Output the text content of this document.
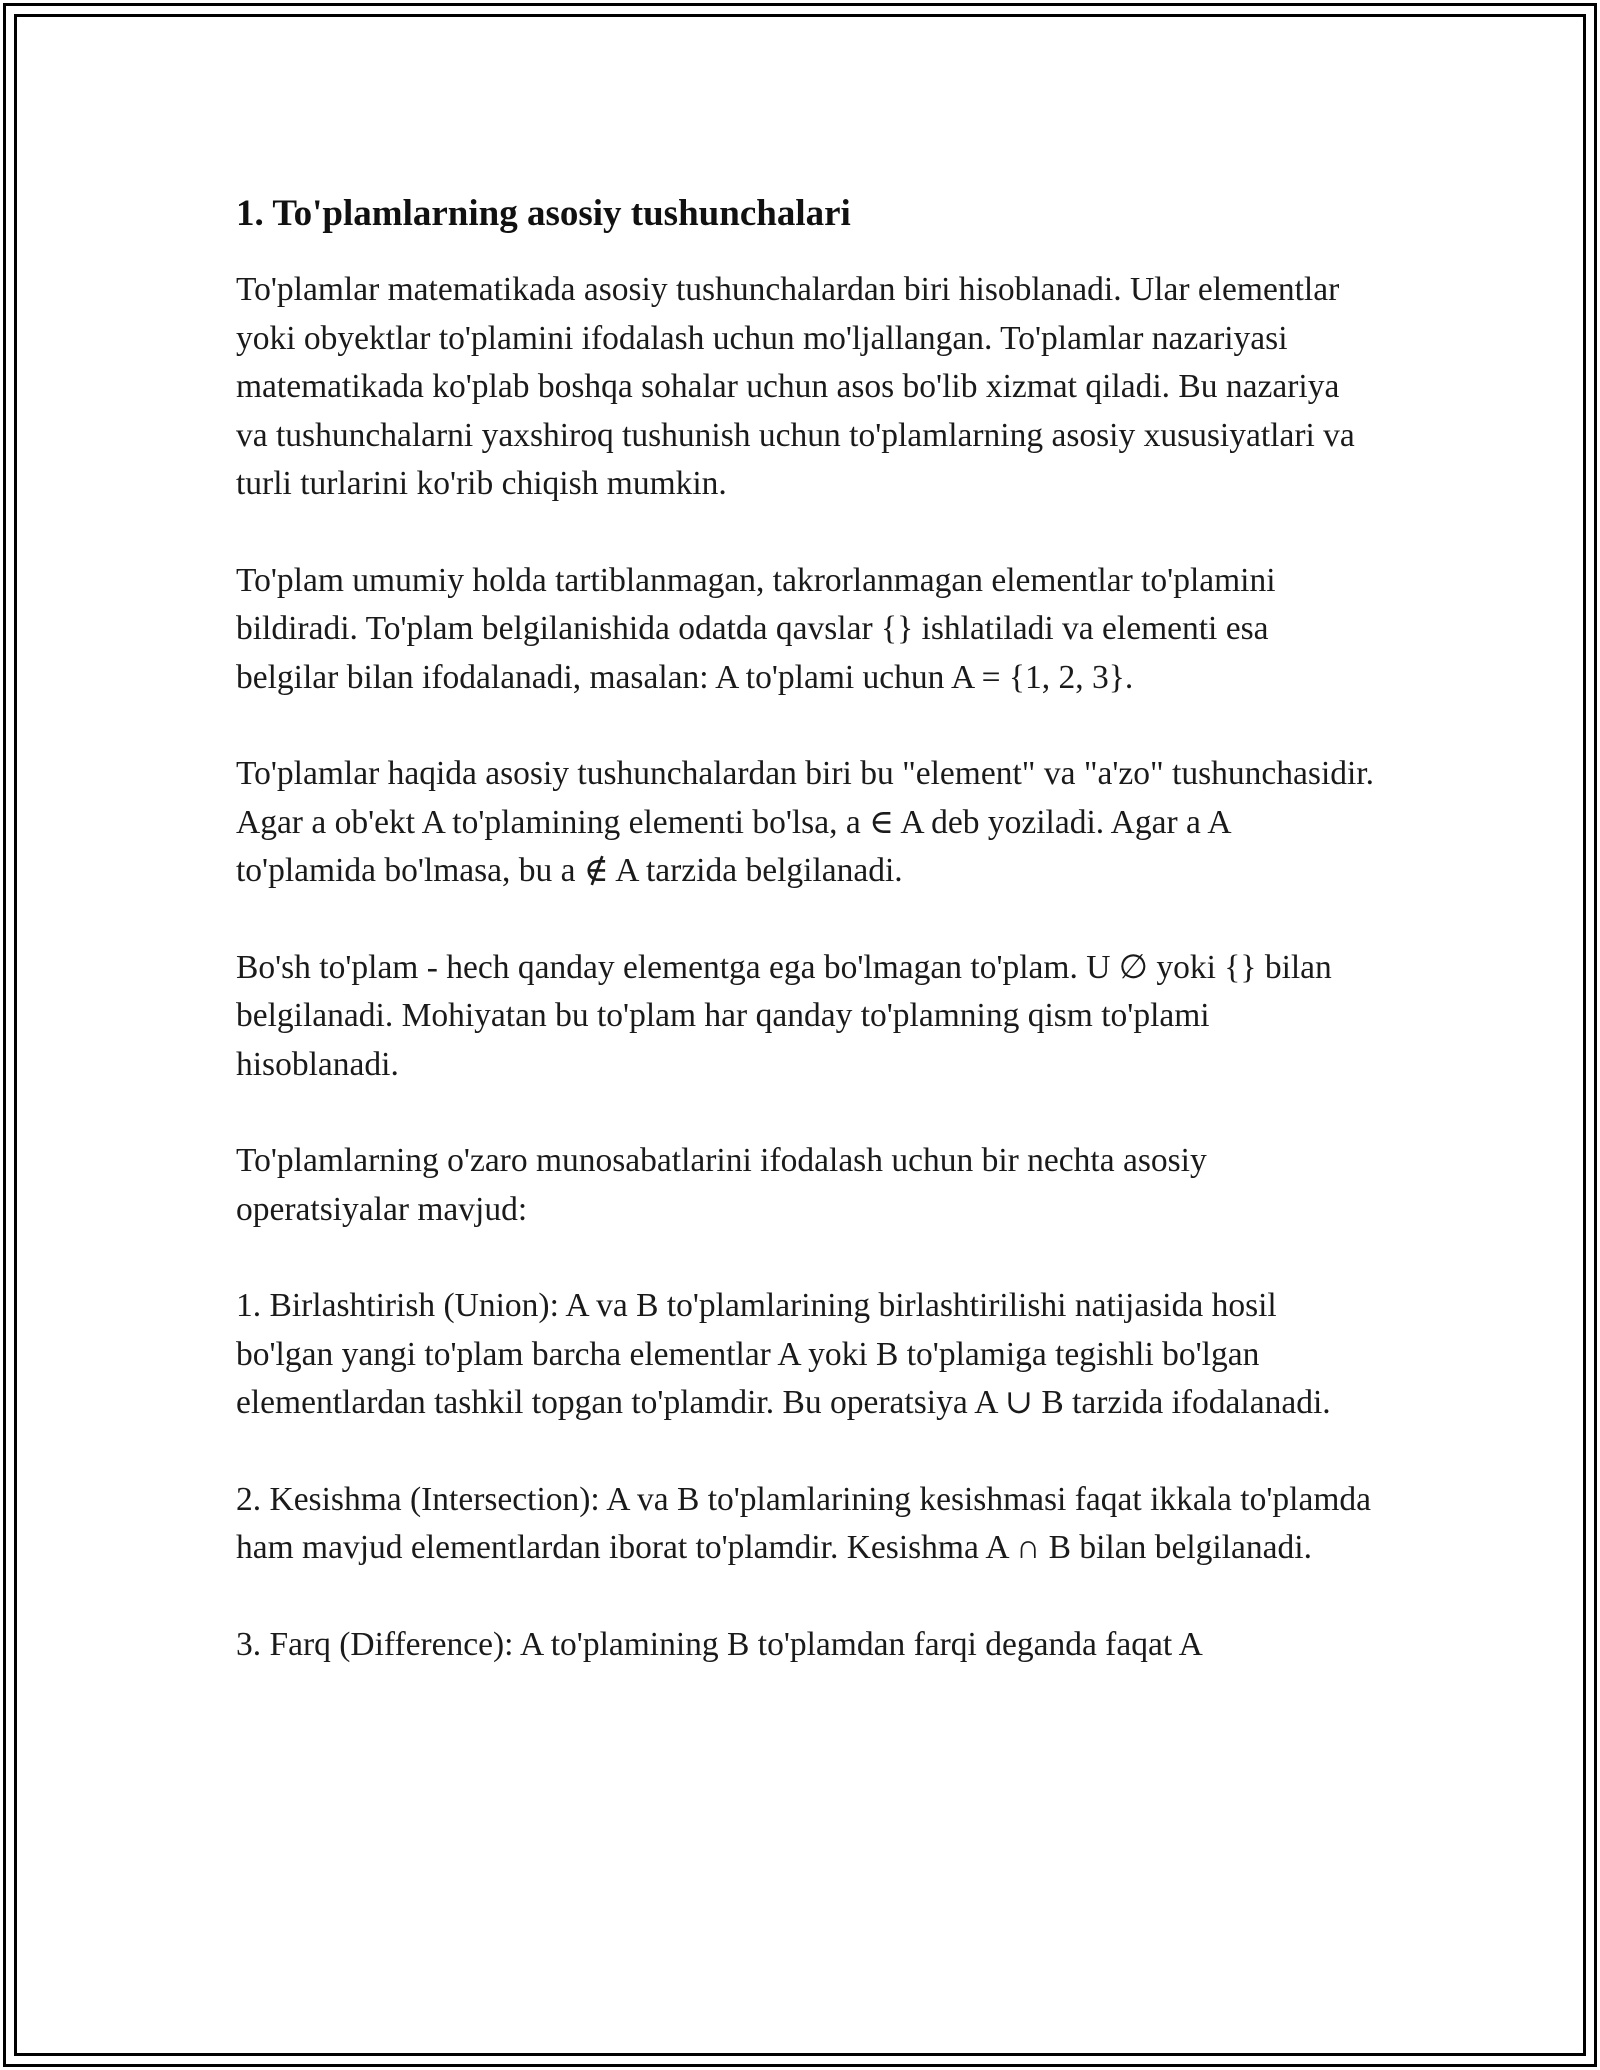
1. To'plamlarning asosiy tushunchalari

To'plamlar matematikada asosiy tushunchalardan biri hisoblanadi. Ular elementlar yoki obyektlar to'plamini ifodalash uchun mo'ljallangan. To'plamlar nazariyasi matematikada ko'plab boshqa sohalar uchun asos bo'lib xizmat qiladi. Bu nazariya va tushunchalarni yaxshiroq tushunish uchun to'plamlarning asosiy xususiyatlari va turli turlarini ko'rib chiqish mumkin.

To'plam umumiy holda tartiblanmagan, takrorlanmagan elementlar to'plamini bildiradi. To'plam belgilanishida odatda qavslar {} ishlatiladi va elementi esa belgilar bilan ifodalanadi, masalan: A to'plami uchun A = {1, 2, 3}.

To'plamlar haqida asosiy tushunchalardan biri bu "element" va "a'zo" tushunchasidir. Agar a ob'ekt A to'plamining elementi bo'lsa, a ∈ A deb yoziladi. Agar a A to'plamida bo'lmasa, bu a ∉ A tarzida belgilanadi.

Bo'sh to'plam - hech qanday elementga ega bo'lmagan to'plam. U ∅ yoki {} bilan belgilanadi. Mohiyatan bu to'plam har qanday to'plamning qism to'plami hisoblanadi.

To'plamlarning o'zaro munosabatlarini ifodalash uchun bir nechta asosiy operatsiyalar mavjud:

1. Birlashtirish (Union): A va B to'plamlarining birlashtirilishi natijasida hosil bo'lgan yangi to'plam barcha elementlar A yoki B to'plamiga tegishli bo'lgan elementlardan tashkil topgan to'plamdir. Bu operatsiya A ∪ B tarzida ifodalanadi.

2. Kesishma (Intersection): A va B to'plamlarining kesishmasi faqat ikkala to'plamda ham mavjud elementlardan iborat to'plamdir. Kesishma A ∩ B bilan belgilanadi.

3. Farq (Difference): A to'plamining B to'plamdan farqi deganda faqat A
